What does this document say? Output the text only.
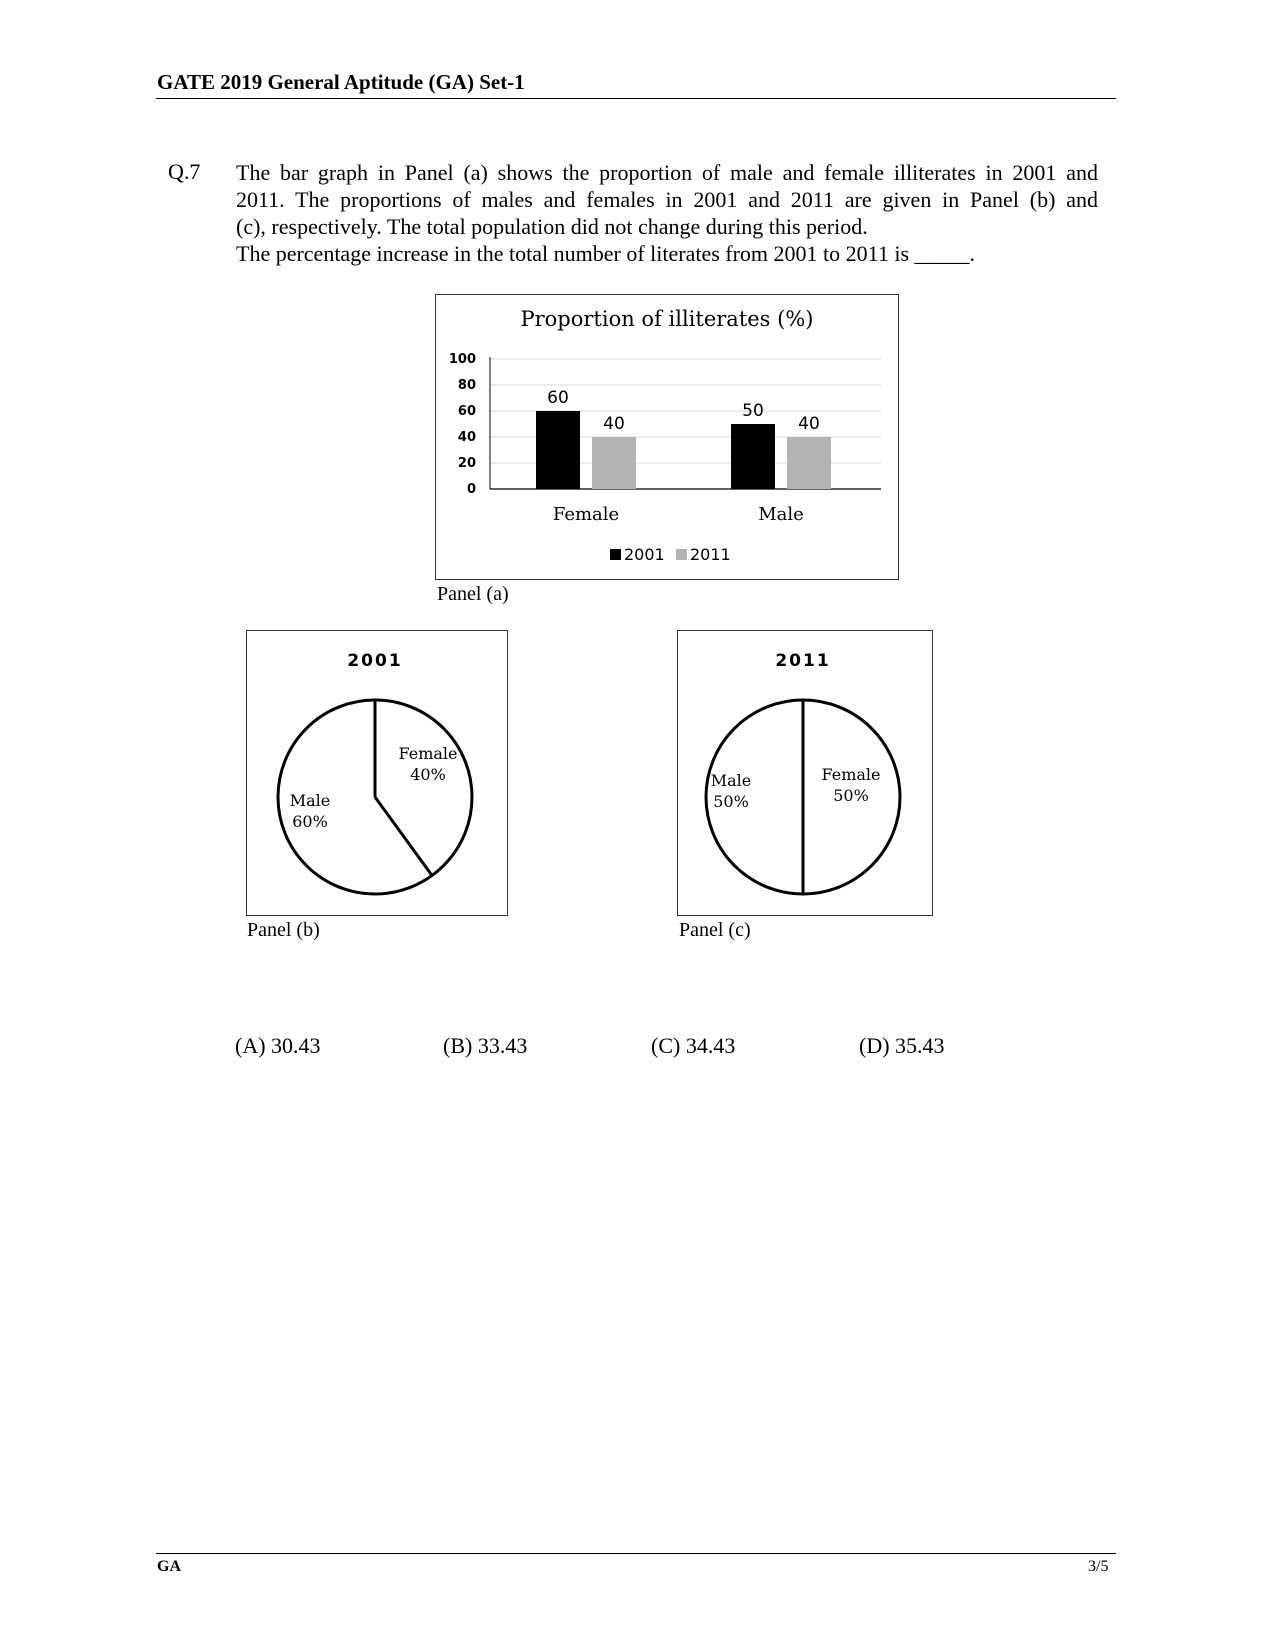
GATE 2019 General Aptitude (GA) Set-1
Q.7 The bar graph in Panel (a) shows the proportion of male and female illiterates in 2001 and
2011. The proportions of males and females in 2001 and 2011 are given in Panel (b) and
(c), respectively. The total population did not change during this period.
The percentage increase in the total number of literates from 2001 to 2011 is _____.
Proportion of illiterates (%)
100
80
60
40
20
0
60
40
Female
50
40
Male
2001 2011
Panel (a)
2001
Female
40%
Male
60%
Panel (b)
2011
Female
50%
Male
50%
Panel (c)
(A) 30.43	(B) 33.43	(C) 34.43	(D) 35.43
GA	3/5
